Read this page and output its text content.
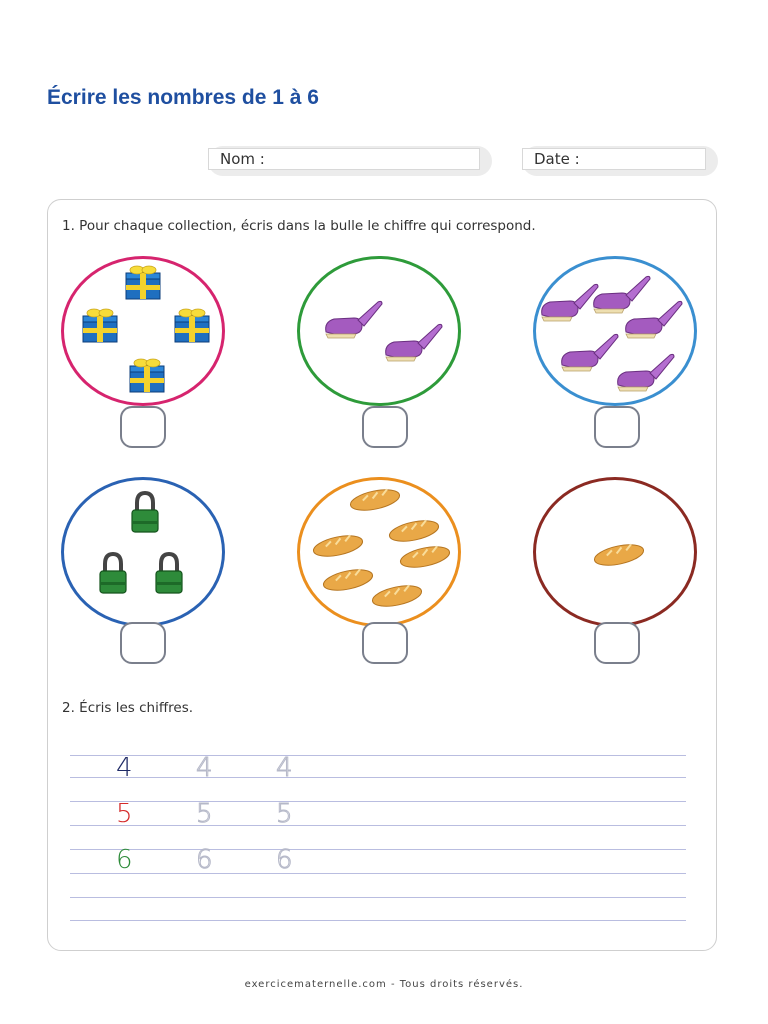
Écrire les nombres de 1 à 6
Nom :	Date :
1. Pour chaque collection, écris dans la bulle le chiffre qui correspond.
2. Écris les chiffres.
4 4 4
5 5 5
6 6 6
exercicematernelle.com - Tous droits réservés.
